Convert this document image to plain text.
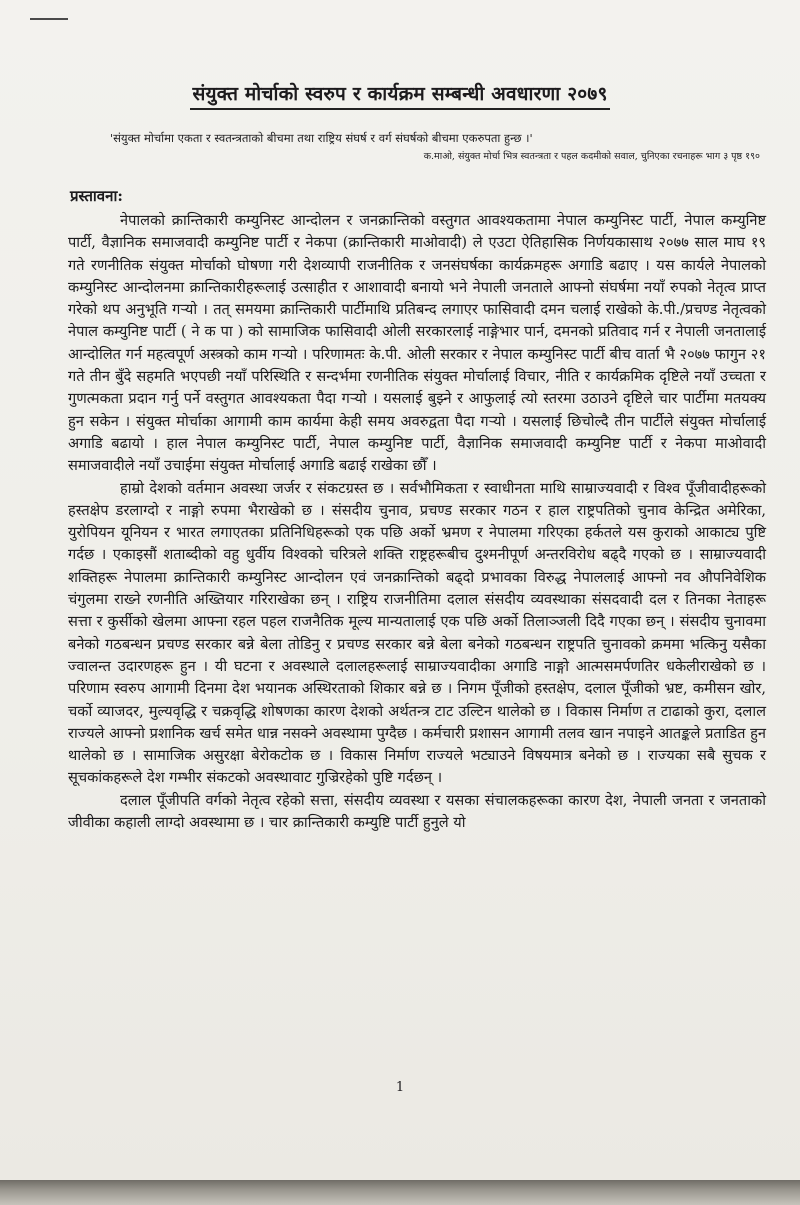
संयुक्त मोर्चाको स्वरुप र कार्यक्रम सम्बन्धी अवधारणा २०७९
'संयुक्त मोर्चामा एकता र स्वतन्त्रताको बीचमा तथा राष्ट्रिय संघर्ष र वर्ग संघर्षको बीचमा एकरुपता हुन्छ ।'
क.माओ, संयुक्त मोर्चा भित्र स्वतन्त्रता र पहल कदमीको सवाल, चुनिएका रचनाहरू भाग ३ पृष्ठ १९०
प्रस्तावना:

नेपालको क्रान्तिकारी कम्युनिस्ट आन्दोलन र जनक्रान्तिको वस्तुगत आवश्यकतामा नेपाल कम्युनिस्ट पार्टी, नेपाल कम्युनिष्ट पार्टी, वैज्ञानिक समाजवादी कम्युनिष्ट पार्टी र नेकपा (क्रान्तिकारी माओवादी) ले एउटा ऐतिहासिक निर्णयकासाथ २०७७ साल माघ १९ गते रणनीतिक संयुक्त मोर्चाको घोषणा गरी देशव्यापी राजनीतिक र जनसंघर्षका कार्यक्रमहरू अगाडि बढाए । यस कार्यले नेपालको कम्युनिस्ट आन्दोलनमा क्रान्तिकारीहरूलाई उत्साहीत र आशावादी बनायो भने नेपाली जनताले आफ्नो संघर्षमा नयाँ रुपको नेतृत्व प्राप्त गरेको थप अनुभूति गऱ्यो । तत् समयमा क्रान्तिकारी पार्टीमाथि प्रतिबन्द लगाएर फासिवादी दमन चलाई राखेको के.पी./प्रचण्ड नेतृत्वको नेपाल कम्युनिष्ट पार्टी ( ने क पा ) को सामाजिक फासिवादी ओली सरकारलाई नाङ्गेभार पार्न, दमनको प्रतिवाद गर्न र नेपाली जनतालाई आन्दोलित गर्न महत्वपूर्ण अस्त्रको काम गऱ्यो । परिणामतः के.पी. ओली सरकार र नेपाल कम्युनिस्ट पार्टी बीच वार्ता भै २०७७ फागुन २१ गते तीन बुँदे सहमति भएपछी नयाँ परिस्थिति र सन्दर्भमा रणनीतिक संयुक्त मोर्चालाई विचार, नीति र कार्यक्रमिक दृष्टिले नयाँ उच्चता र गुणत्मकता प्रदान गर्नु पर्ने वस्तुगत आवश्यकता पैदा गऱ्यो । यसलाई बुझ्ने र आफुलाई त्यो स्तरमा उठाउने दृष्टिले चार पार्टीमा मतयक्य हुन सकेन । संयुक्त मोर्चाका आगामी काम कार्यमा केही समय अवरुद्वता पैदा गऱ्यो । यसलाई छिचोल्दै तीन पार्टीले संयुक्त मोर्चालाई अगाडि बढायो । हाल नेपाल कम्युनिस्ट पार्टी, नेपाल कम्युनिष्ट पार्टी, वैज्ञानिक समाजवादी कम्युनिष्ट पार्टी र नेकपा माओवादी समाजवादीले नयाँ उचाईमा संयुक्त मोर्चालाई अगाडि बढाई राखेका छौँ ।

हाम्रो देशको वर्तमान अवस्था जर्जर र संकटग्रस्त छ । सर्वभौमिकता र स्वाधीनता माथि साम्राज्यवादी र विश्व पूँजीवादीहरूको हस्तक्षेप डरलाग्दो र नाङ्गो रुपमा भैराखेको छ । संसदीय चुनाव, प्रचण्ड सरकार गठन र हाल राष्ट्रपतिको चुनाव केन्द्रित अमेरिका, युरोपियन यूनियन र भारत लगाएतका प्रतिनिधिहरूको एक पछि अर्को भ्रमण र नेपालमा गरिएका हर्कतले यस कुराको आकाट्य पुष्टि गर्दछ । एकाइसौं शताब्दीको वहु धुर्वीय विश्वको चरित्रले शक्ति राष्ट्रहरूबीच दुश्मनीपूर्ण अन्तरविरोध बढ्दै गएको छ । साम्राज्यवादी शक्तिहरू नेपालमा क्रान्तिकारी कम्युनिस्ट आन्दोलन एवं जनक्रान्तिको बढ्दो प्रभावका विरुद्ध नेपाललाई आफ्नो नव औपनिवेशिक चंगुलमा राख्ने रणनीति अख्तियार गरिराखेका छन् । राष्ट्रिय राजनीतिमा दलाल संसदीय व्यवस्थाका संसदवादी दल र तिनका नेताहरू सत्ता र कुर्सीको खेलमा आफ्ना रहल पहल राजनैतिक मूल्य मान्यतालाई एक पछि अर्को तिलाञ्जली दिदै गएका छन् । संसदीय चुनावमा बनेको गठबन्धन प्रचण्ड सरकार बन्ने बेला तोडिनु र प्रचण्ड सरकार बन्ने बेला बनेको गठबन्धन राष्ट्रपति चुनावको क्रममा भत्किनु यसैका ज्वालन्त उदारणहरू हुन । यी घटना र अवस्थाले दलालहरूलाई साम्राज्यवादीका अगाडि नाङ्गो आत्मसमर्पणतिर धकेलीराखेको छ । परिणाम स्वरुप आगामी दिनमा देश भयानक अस्थिरताको शिकार बन्ने छ । निगम पूँजीको हस्तक्षेप, दलाल पूँजीको भ्रष्ट, कमीसन खोर, चर्को व्याजदर, मुल्यवृद्धि र चक्रवृद्धि शोषणका कारण देशको अर्थतन्त्र टाट उल्टिन थालेको छ । विकास निर्माण त टाढाको कुरा, दलाल राज्यले आफ्नो प्रशानिक खर्च समेत धान्न नसक्ने अवस्थामा पुग्दैछ । कर्मचारी प्रशासन आगामी तलव खान नपाइने आतङ्कले प्रताडित हुन थालेको छ । सामाजिक असुरक्षा बेरोकटोक छ । विकास निर्माण राज्यले भट्याउने विषयमात्र बनेको छ । राज्यका सबै सुचक र सूचकांकहरूले देश गम्भीर संकटको अवस्थावाट गुज्रिरहेको पुष्टि गर्दछन् ।

दलाल पूँजीपति वर्गको नेतृत्व रहेको सत्ता, संसदीय व्यवस्था र यसका संचालकहरूका कारण देश, नेपाली जनता र जनताको जीवीका कहाली लाग्दो अवस्थामा छ । चार क्रान्तिकारी कम्युष्टि पार्टी हुनुले यो

1
